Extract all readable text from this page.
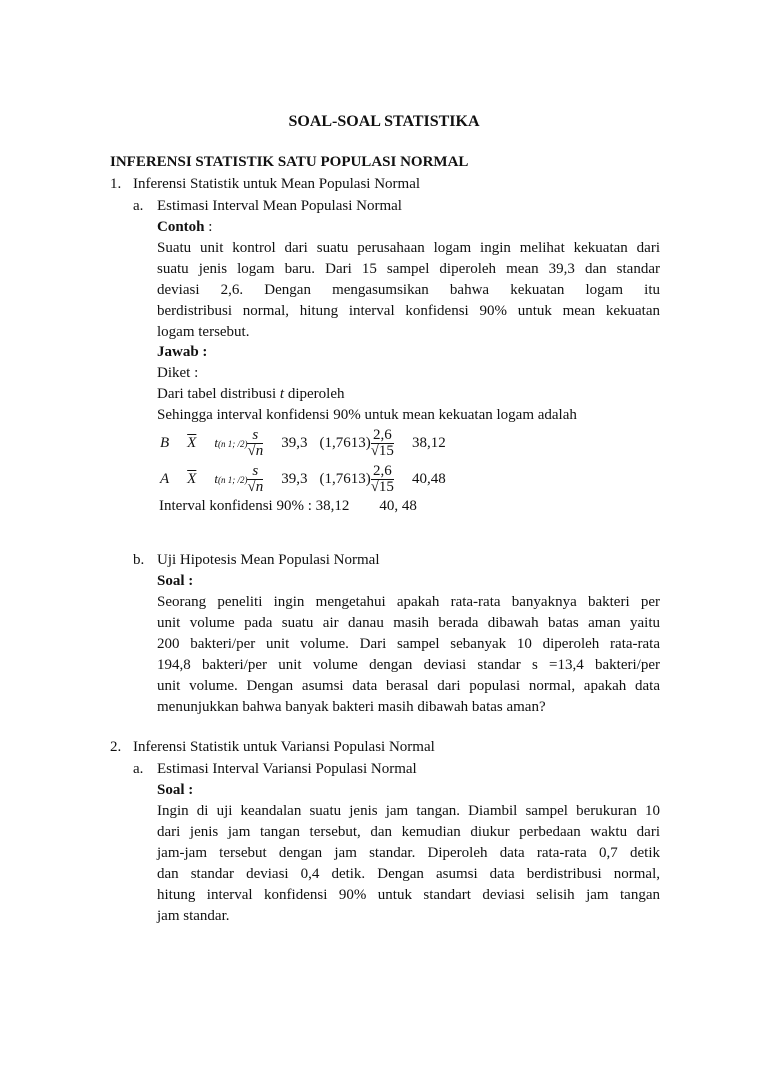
SOAL-SOAL STATISTIKA
INFERENSI STATISTIK SATU POPULASI NORMAL
1. Inferensi Statistik untuk Mean Populasi Normal
a. Estimasi Interval Mean Populasi Normal
Contoh :
Suatu unit kontrol dari suatu perusahaan logam ingin melihat kekuatan dari
suatu jenis logam baru. Dari 15 sampel diperoleh mean 39,3 dan standar
deviasi 2,6. Dengan mengasumsikan bahwa kekuatan logam itu
berdistribusi normal, hitung interval konfidensi 90% untuk mean kekuatan
logam tersebut.
Jawab :
Diket :
Dari tabel distribusi t diperoleh
Sehingga interval konfidensi 90% untuk mean kekuatan logam adalah
B $\overline{X}$ t(n 1; $/2) \frac{s}{√n} 39,3$ $(1,7613) \frac{2,6}{√15} 38,12$
A $\overline{X}$ t(n 1; $/2) \frac{s}{√n} 39,3$ $(1,7613) \frac{2,6}{√15} 40,48$
Interval konfidensi 90% : 38,12 40, 48
b. Uji Hipotesis Mean Populasi Normal
Soal :
Seorang peneliti ingin mengetahui apakah rata-rata banyaknya bakteri per
unit volume pada suatu air danau masih berada dibawah batas aman yaitu
200 bakteri/per unit volume. Dari sampel sebanyak 10 diperoleh rata-rata
194,8 bakteri/per unit volume dengan deviasi standar s =13,4 bakteri/per
unit volume. Dengan asumsi data berasal dari populasi normal, apakah data
menunjukkan bahwa banyak bakteri masih dibawah batas aman?
2. Inferensi Statistik untuk Variansi Populasi Normal
a. Estimasi Interval Variansi Populasi Normal
Soal :
Ingin di uji keandalan suatu jenis jam tangan. Diambil sampel berukuran 10
dari jenis jam tangan tersebut, dan kemudian diukur perbedaan waktu dari
jam-jam tersebut dengan jam standar. Diperoleh data rata-rata 0,7 detik
dan standar deviasi 0,4 detik. Dengan asumsi data berdistribusi normal,
hitung interval konfidensi 90% untuk standart deviasi selisih jam tangan
jam standar.
